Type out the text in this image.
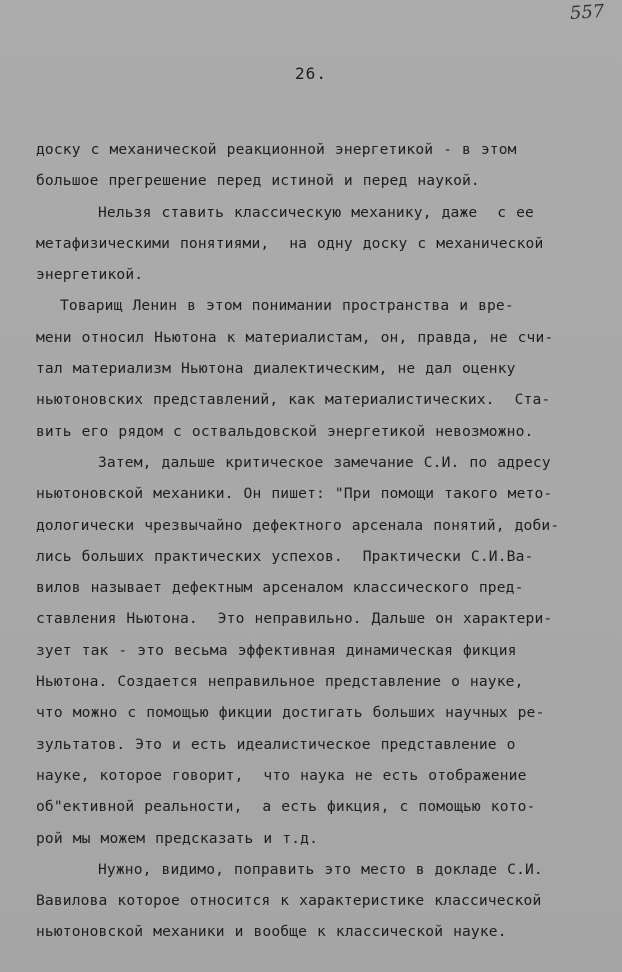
557
26.
доску с механической реакционной энергетикой - в этом
большое прегрешение перед истиной и перед наукой.
Нельзя ставить классическую механику, даже  с ее
метафизическими понятиями,  на одну доску с механической
энергетикой.
Товарищ Ленин в этом понимании пространства и вре-
мени относил Ньютона к материалистам, он, правда, не счи-
тал материализм Ньютона диалектическим, не дал оценку
ньютоновских представлений, как материалистических.  Ста-
вить его рядом с оствальдовской энергетикой невозможно.
Затем, дальше критическое замечание С.И. по адресу
ньютоновской механики. Он пишет: "При помощи такого мето-
дологически чрезвычайно дефектного арсенала понятий, доби-
лись больших практических успехов.  Практически С.И.Ва-
вилов называет дефектным арсеналом классического пред-
ставления Ньютона.  Это неправильно. Дальше он характери-
зует так - это весьма эффективная динамическая фикция
Ньютона. Создается неправильное представление о науке,
что можно с помощью фикции достигать больших научных ре-
зультатов. Это и есть идеалистическое представление о
науке, которое говорит,  что наука не есть отображение
об"ективной реальности,  а есть фикция, с помощью кото-
рой мы можем предсказать и т.д.
Нужно, видимо, поправить это место в докладе С.И.
Вавилова которое относится к характеристике классической
ньютоновской механики и вообще к классической науке.
